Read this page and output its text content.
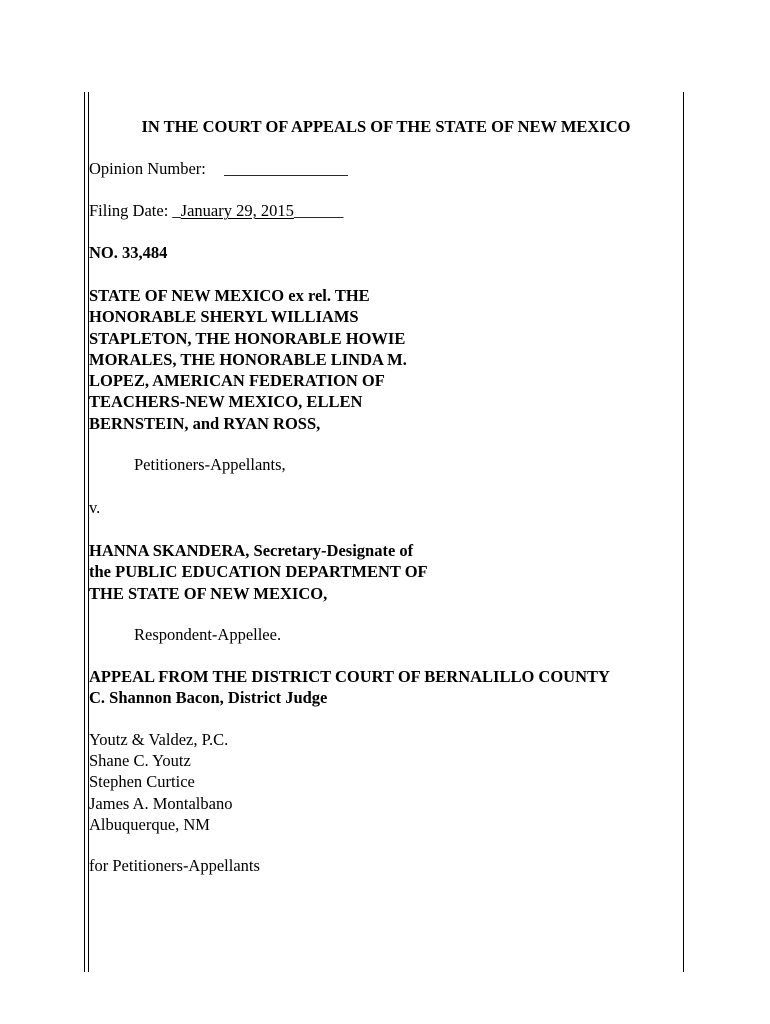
IN THE COURT OF APPEALS OF THE STATE OF NEW MEXICO
Opinion Number: _______________
Filing Date: _January 29, 2015______
NO. 33,484
STATE OF NEW MEXICO ex rel. THE
HONORABLE SHERYL WILLIAMS
STAPLETON, THE HONORABLE HOWIE
MORALES, THE HONORABLE LINDA M.
LOPEZ, AMERICAN FEDERATION OF
TEACHERS-NEW MEXICO, ELLEN
BERNSTEIN, and RYAN ROSS,
Petitioners-Appellants,
v.
HANNA SKANDERA, Secretary-Designate of
the PUBLIC EDUCATION DEPARTMENT OF
THE STATE OF NEW MEXICO,
Respondent-Appellee.
APPEAL FROM THE DISTRICT COURT OF BERNALILLO COUNTY
C. Shannon Bacon, District Judge
Youtz & Valdez, P.C.
Shane C. Youtz
Stephen Curtice
James A. Montalbano
Albuquerque, NM
for Petitioners-Appellants
